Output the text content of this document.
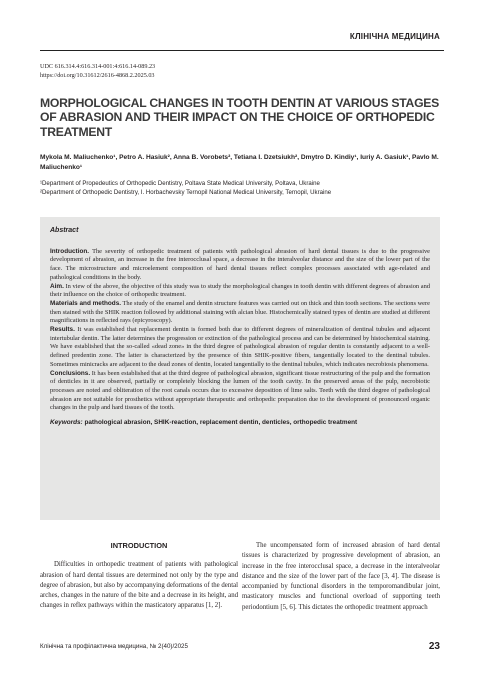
КЛІНІЧНА МЕДИЦИНА
UDC 616.314.4:616.314-001:4:616.14-089.23
https://doi.org/10.31612/2616-4868.2.2025.03
MORPHOLOGICAL CHANGES IN TOOTH DENTIN AT VARIOUS STAGES OF ABRASION AND THEIR IMPACT ON THE CHOICE OF ORTHOPEDIC TREATMENT
Mykola M. Maliuchenko¹, Petro A. Hasiuk², Anna B. Vorobets², Tetiana I. Dzetsiukh², Dmytro D. Kindiy¹, Iuriy A. Gasiuk¹, Pavlo M. Maliuchenko¹
¹Department of Propedeutics of Orthopedic Dentistry, Poltava State Medical University, Poltava, Ukraine
²Department of Orthopedic Dentistry, I. Horbachevsky Ternopil National Medical University, Ternopil, Ukraine
Abstract

Introduction. The severity of orthopedic treatment of patients with pathological abrasion of hard dental tissues is due to the progressive development of abrasion, an increase in the free interocclusal space, a decrease in the interalveolar distance and the size of the lower part of the face. The microstructure and microelement composition of hard dental tissues reflect complex processes associated with age-related and pathological conditions in the body.

Aim. In view of the above, the objective of this study was to study the morphological changes in tooth dentin with different degrees of abrasion and their influence on the choice of orthopedic treatment.

Materials and methods. The study of the enamel and dentin structure features was carried out on thick and thin tooth sections. The sections were then stained with the SHIK reaction followed by additional staining with alcian blue. Histochemically stained types of dentin are studied at different magnifications in reflected rays (epicyroscopy).

Results. It was established that replacement dentin is formed both due to different degrees of mineralization of dentinal tubules and adjacent intertubular dentin. The latter determines the progression or extinction of the pathological process and can be determined by histochemical staining. We have established that the so-called «dead zone» in the third degree of pathological abrasion of regular dentin is constantly adjacent to a well-defined predentin zone. The latter is characterized by the presence of thin SHIK-positive fibers, tangentially located to the dentinal tubules. Sometimes minicracks are adjacent to the dead zones of dentin, located tangentially to the dentinal tubules, which indicates necrobiosis phenomena.

Conclusions. It has been established that at the third degree of pathological abrasion, significant tissue restructuring of the pulp and the formation of denticles in it are observed, partially or completely blocking the lumen of the tooth cavity. In the preserved areas of the pulp, necrobiotic processes are noted and obliteration of the root canals occurs due to excessive deposition of lime salts. Teeth with the third degree of pathological abrasion are not suitable for prosthetics without appropriate therapeutic and orthopedic preparation due to the development of pronounced organic changes in the pulp and hard tissues of the tooth.

Keywords: pathological abrasion, SHIK-reaction, replacement dentin, denticles, orthopedic treatment

INTRODUCTION

Difficulties in orthopedic treatment of patients with pathological abrasion of hard dental tissues are determined not only by the type and degree of abrasion, but also by accompanying deformations of the dental arches, changes in the nature of the bite and a decrease in its height, and changes in reflex pathways within the masticatory apparatus [1, 2].

The uncompensated form of increased abrasion of hard dental tissues is characterized by progressive development of abrasion, an increase in the free interocclusal space, a decrease in the interalveolar distance and the size of the lower part of the face [3, 4]. The disease is accompanied by functional disorders in the temporomandibular joint, masticatory muscles and functional overload of supporting teeth periodontium [5, 6]. This dictates the orthopedic treatment approach

Клінічна та профілактична медицина, № 2(40)/2025	23
